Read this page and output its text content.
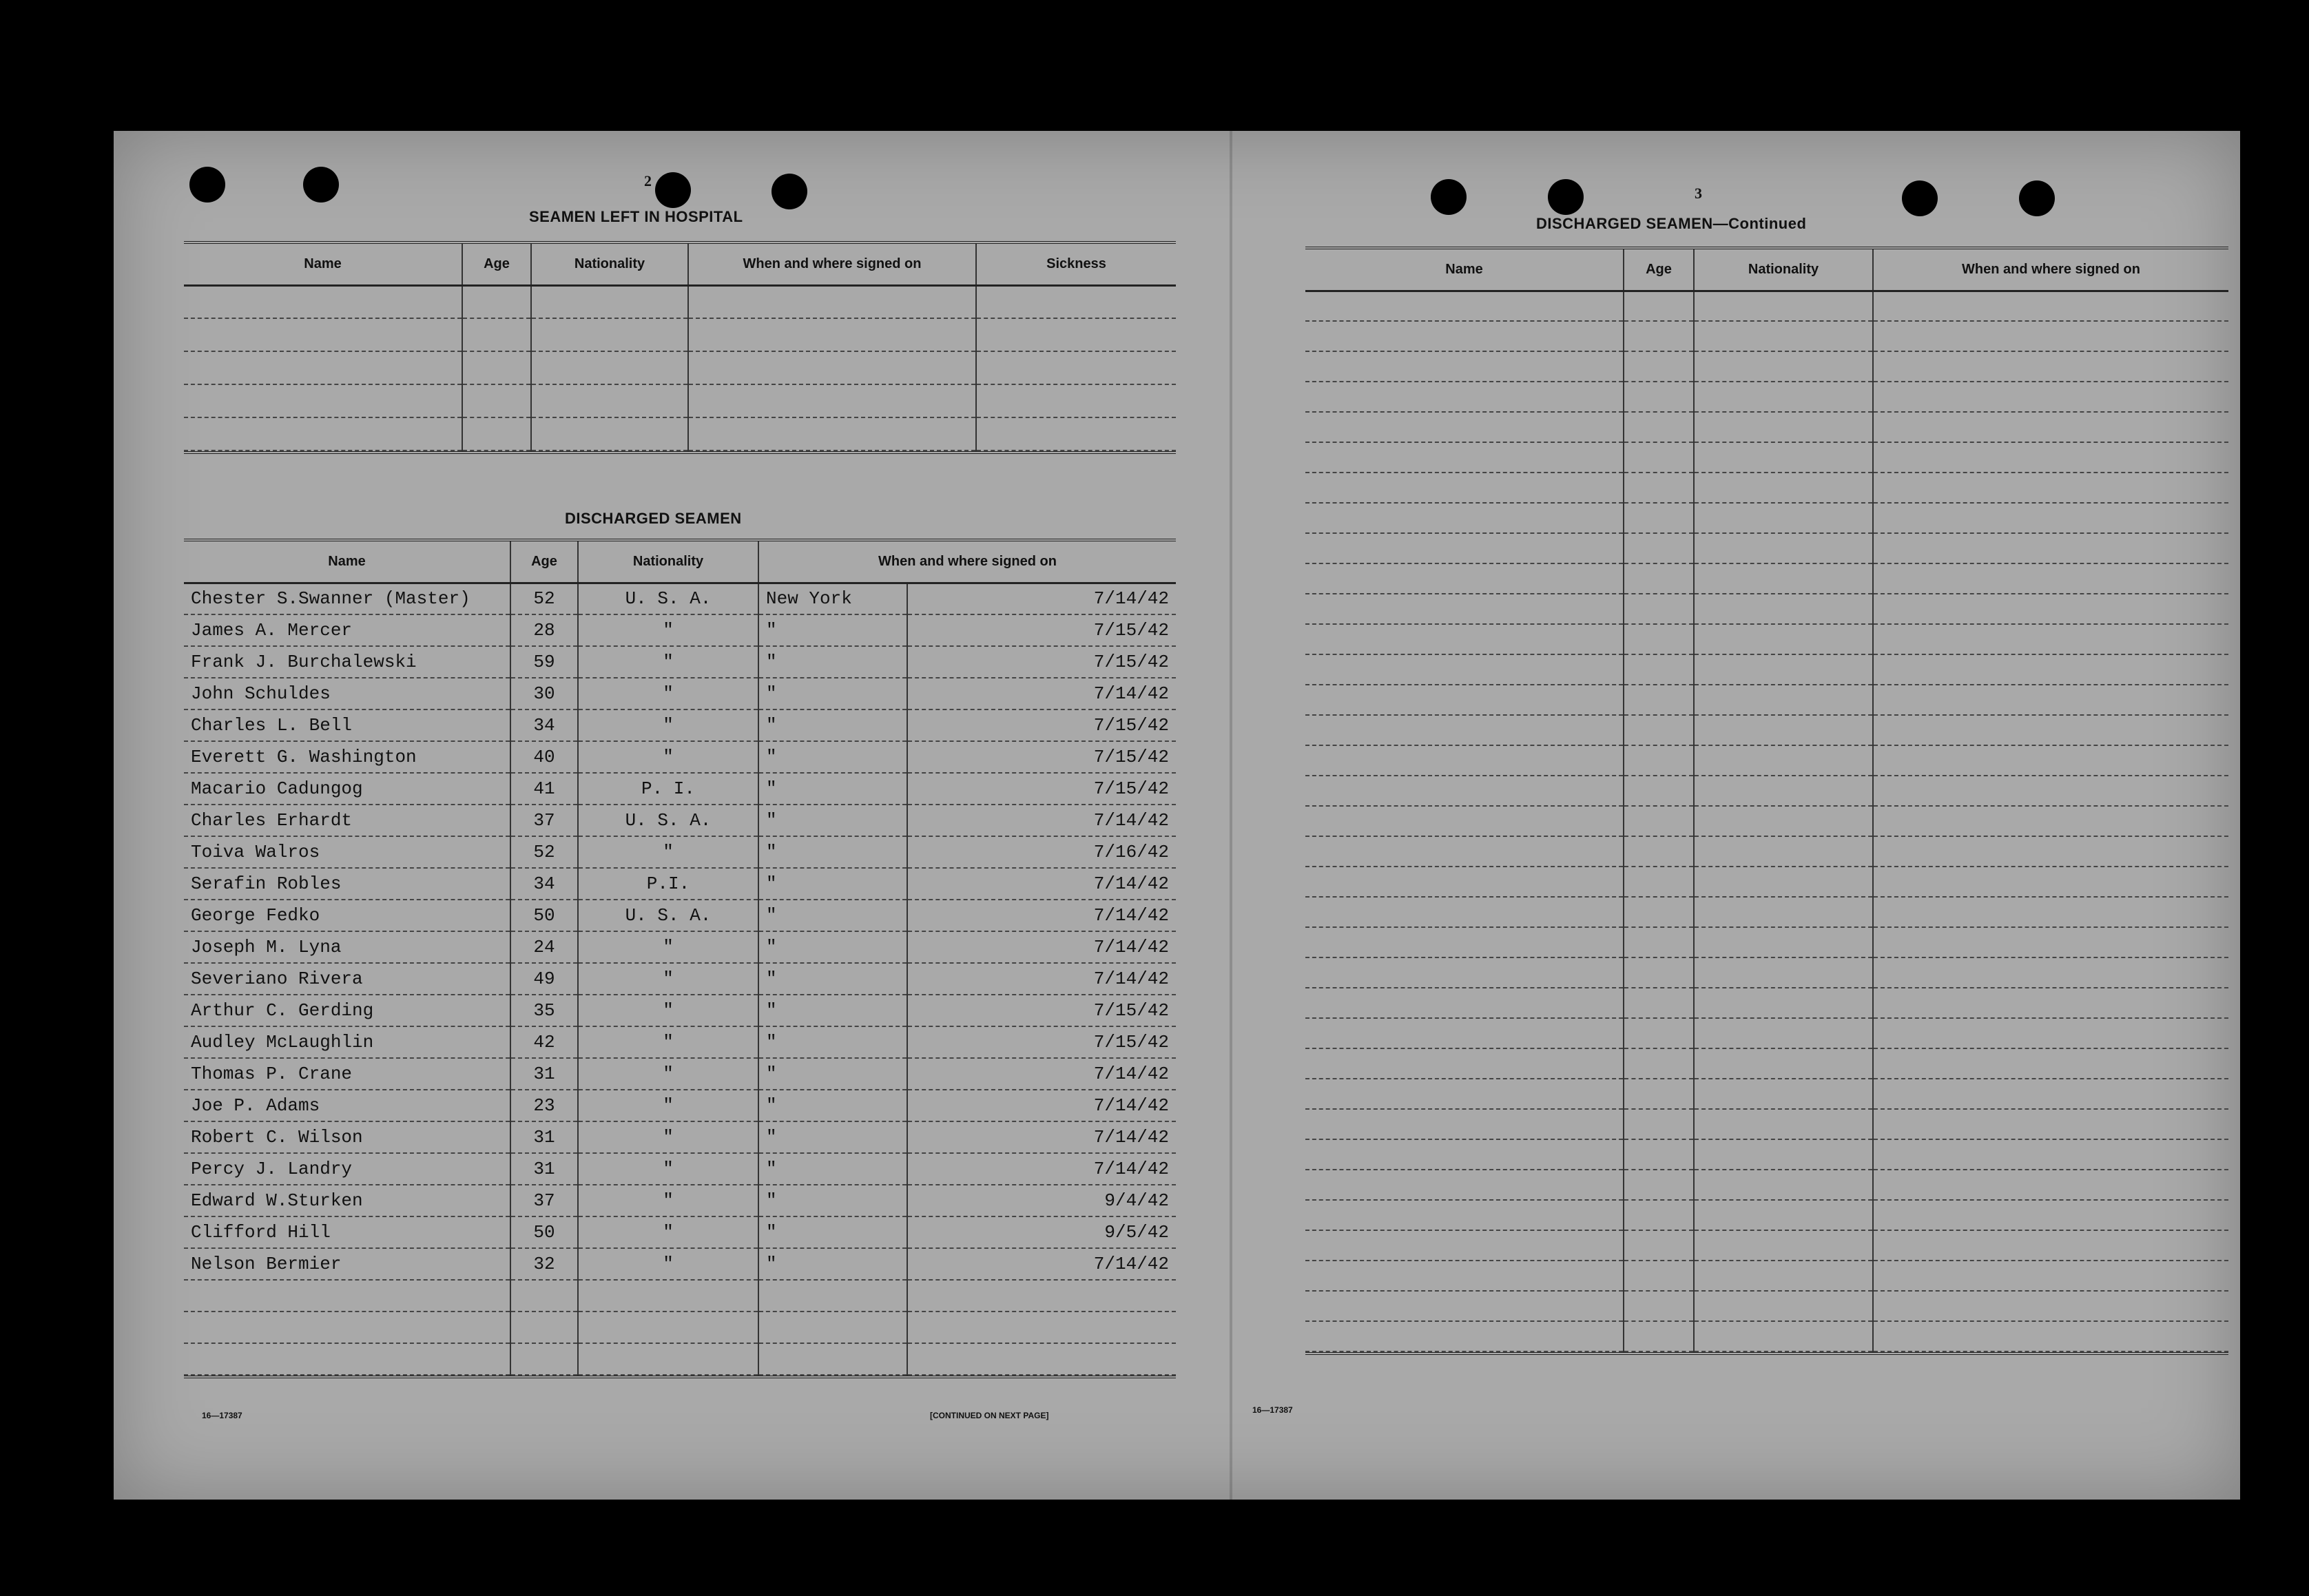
2
SEAMEN LEFT IN HOSPITAL
Name	Age	Nationality	When and where signed on	Sickness

DISCHARGED SEAMEN
Name	Age	Nationality	When and where signed on	
Chester S.Swanner (Master)	52	U. S. A.	New York	7/14/42
James A. Mercer	28	"	"	7/15/42
Frank J. Burchalewski	59	"	"	7/15/42
John Schuldes	30	"	"	7/14/42
Charles L. Bell	34	"	"	7/15/42
Everett G. Washington	40	"	"	7/15/42
Macario Cadungog	41	P. I.	"	7/15/42
Charles Erhardt	37	U. S. A.	"	7/14/42
Toiva Walros	52	"	"	7/16/42
Serafin Robles	34	P.I.	"	7/14/42
George Fedko	50	U. S. A.	"	7/14/42
Joseph M. Lyna	24	"	"	7/14/42
Severiano Rivera	49	"	"	7/14/42
Arthur C. Gerding	35	"	"	7/15/42
Audley McLaughlin	42	"	"	7/15/42
Thomas P. Crane	31	"	"	7/14/42
Joe P. Adams	23	"	"	7/14/42
Robert C. Wilson	31	"	"	7/14/42
Percy J. Landry	31	"	"	7/14/42
Edward W.Sturken	37	"	"	9/4/42
Clifford Hill	50	"	"	9/5/42
Nelson Bermier	32	"	"	7/14/42

16—17387	[CONTINUED ON NEXT PAGE]
3
DISCHARGED SEAMEN—Continued
Name	Age	Nationality	When and where signed on

16—17387
